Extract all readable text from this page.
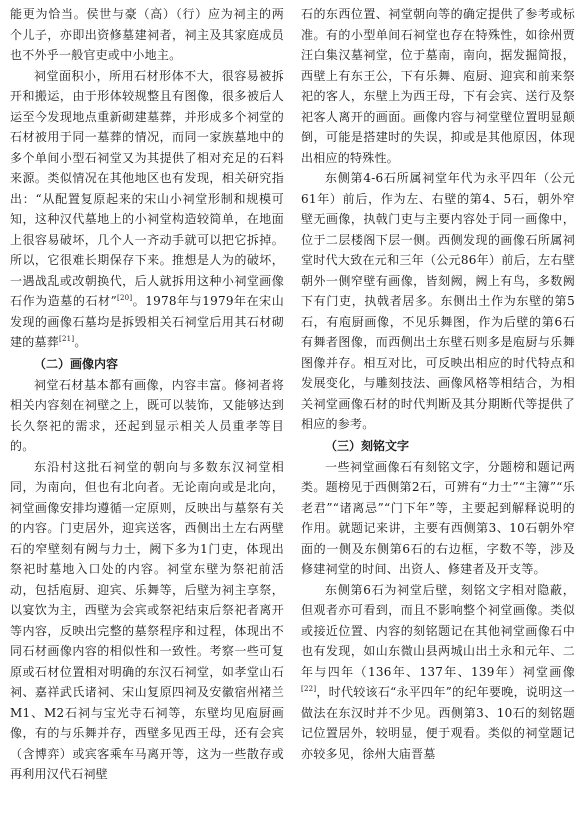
能更为恰当。侯世与豪（高）（行）应为祠主的两个儿子，亦即出资修墓建祠者，祠主及其家庭成员也不外乎一般官吏或中小地主。

祠堂面积小，所用石材形体不大，很容易被拆开和搬运，由于形体较规整且有图像，很多被后人运至今发现地点重新砌建墓葬，并形成多个祠堂的石材被用于同一墓葬的情况，而同一家族墓地中的多个单间小型石祠堂又为其提供了相对充足的石料来源。类似情况在其他地区也有发现，相关研究指出：“从配置复原起来的宋山小祠堂形制和规模可知，这种汉代墓地上的小祠堂构造较简单，在地面上很容易破坏，几个人一齐动手就可以把它拆掉。所以，它很难长期保存下来。推想是人为的破坏，一遇战乱或改朝换代，后人就拆用这种小祠堂画像石作为造墓的石材”[20]。1978年与1979年在宋山发现的画像石墓均是拆毁相关石祠堂后用其石材砌建的墓葬[21]。

（二）画像内容

祠堂石材基本都有画像，内容丰富。修祠者将相关内容刻在祠壁之上，既可以装饰，又能够达到长久祭祀的需求，还起到显示相关人员重孝等目的。

东沿村这批石祠堂的朝向与多数东汉祠堂相同，为南向，但也有北向者。无论南向或是北向，祠堂画像安排均遵循一定原则，反映出与墓祭有关的内容。门吏居外，迎宾送客，西侧出土左右两壁石的窄壁刻有阙与力士，阙下多为1门吏，体现出祭祀时墓地入口处的内容。祠堂东壁为祭祀前活动，包括庖厨、迎宾、乐舞等，后壁为祠主享祭，以宴饮为主，西壁为会宾或祭祀结束后祭祀者离开等内容，反映出完整的墓祭程序和过程，体现出不同石材画像内容的相似性和一致性。考察一些可复原或石材位置相对明确的东汉石祠堂，如孝堂山石祠、嘉祥武氏诸祠、宋山复原四祠及安徽宿州褚兰M1、M2石祠与宝光寺石祠等，东壁均见庖厨画像，有的与乐舞并存，西壁多见西王母，还有会宾（含博弈）或宾客乘车马离开等，这为一些散存或再利用汉代石祠壁

石的东西位置、祠堂朝向等的确定提供了参考或标准。有的小型单间石祠堂也存在特殊性，如徐州贾汪白集汉墓祠堂，位于墓南，南向，据发掘简报，西壁上有东王公，下有乐舞、庖厨、迎宾和前来祭祀的客人，东壁上为西王母，下有会宾、送行及祭祀客人离开的画面。画像内容与祠堂壁位置明显颠倒，可能是搭建时的失误，抑或是其他原因，体现出相应的特殊性。

东侧第4-6石所属祠堂年代为永平四年（公元61年）前后，作为左、右壁的第4、5石，朝外窄壁无画像，执戟门吏与主要内容处于同一画像中，位于二层楼阁下层一侧。西侧发现的画像石所属祠堂时代大致在元和三年（公元86年）前后，左右壁朝外一侧窄壁有画像，皆刻阙，阙上有鸟，多数阙下有门吏，执戟者居多。东侧出土作为东壁的第5石，有庖厨画像，不见乐舞图，作为后壁的第6石有舞者图像，而西侧出土东壁石则多是庖厨与乐舞图像并存。相互对比，可反映出相应的时代特点和发展变化，与雕刻技法、画像风格等相结合，为相关祠堂画像石材的时代判断及其分期断代等提供了相应的参考。

（三）刻铭文字

一些祠堂画像石有刻铭文字，分题榜和题记两类。题榜见于西侧第2石，可辨有“力士”“主簿”“乐老君”“诸离忌”“门下年”等，主要起到解释说明的作用。就题记来讲，主要有西侧第3、10石朝外窄面的一侧及东侧第6石的右边框，字数不等，涉及修建祠堂的时间、出资人、修建者及开支等。

东侧第6石为祠堂后壁，刻铭文字相对隐蔽，但观者亦可看到，而且不影响整个祠堂画像。类似或接近位置、内容的刻铭题记在其他祠堂画像石中也有发现，如山东微山县两城山出土永和元年、二年与四年（136年、137年、139年）祠堂画像[22]，时代较该石“永平四年”的纪年要晚，说明这一做法在东汉时并不少见。西侧第3、10石的刻铭题记位置居外，较明显，便于观看。类似的祠堂题记亦较多见，徐州大庙晋墓
